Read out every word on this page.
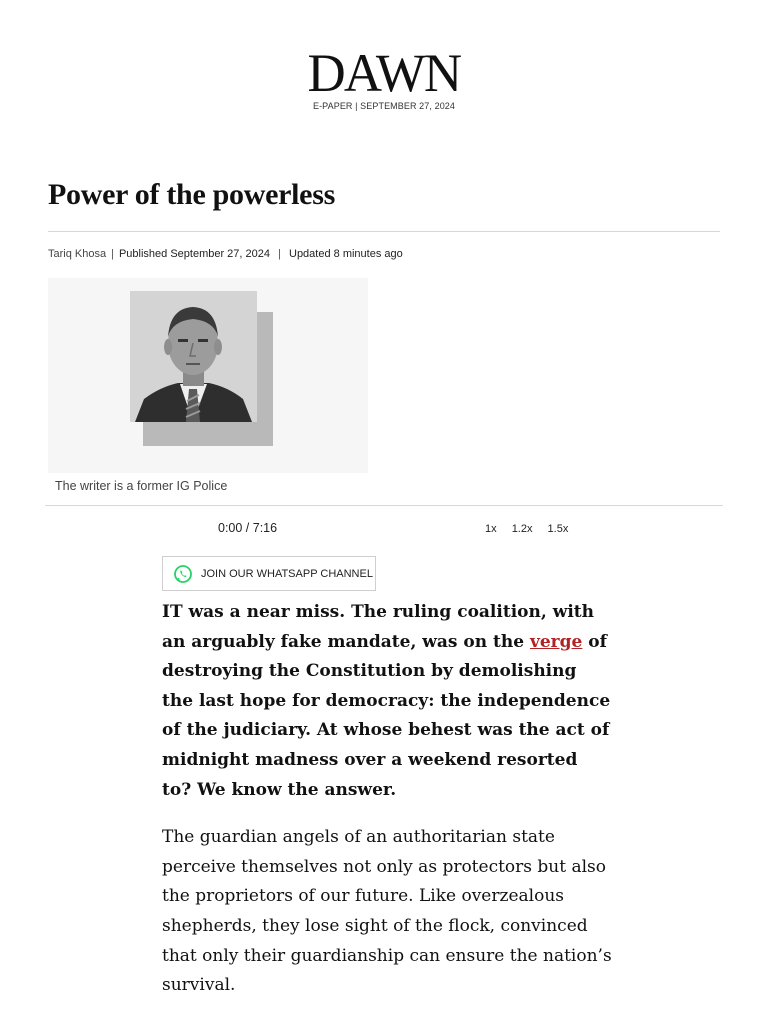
DAWN
E-PAPER | SEPTEMBER 27, 2024
Power of the powerless
Tariq Khosa | Published September 27, 2024 | Updated 8 minutes ago
The writer is a former IG Police
0:00 / 7:16	1x 1.2x 1.5x
JOIN OUR WHATSAPP CHANNEL

IT was a near miss. The ruling coalition, with an arguably fake mandate, was on the verge of destroying the Constitution by demolishing the last hope for democracy: the independence of the judiciary. At whose behest was the act of midnight madness over a weekend resorted to? We know the answer.

The guardian angels of an authoritarian state perceive themselves not only as protectors but also the proprietors of our future. Like overzealous shepherds, they lose sight of the flock, convinced that only their guardianship can ensure the nation’s survival.
